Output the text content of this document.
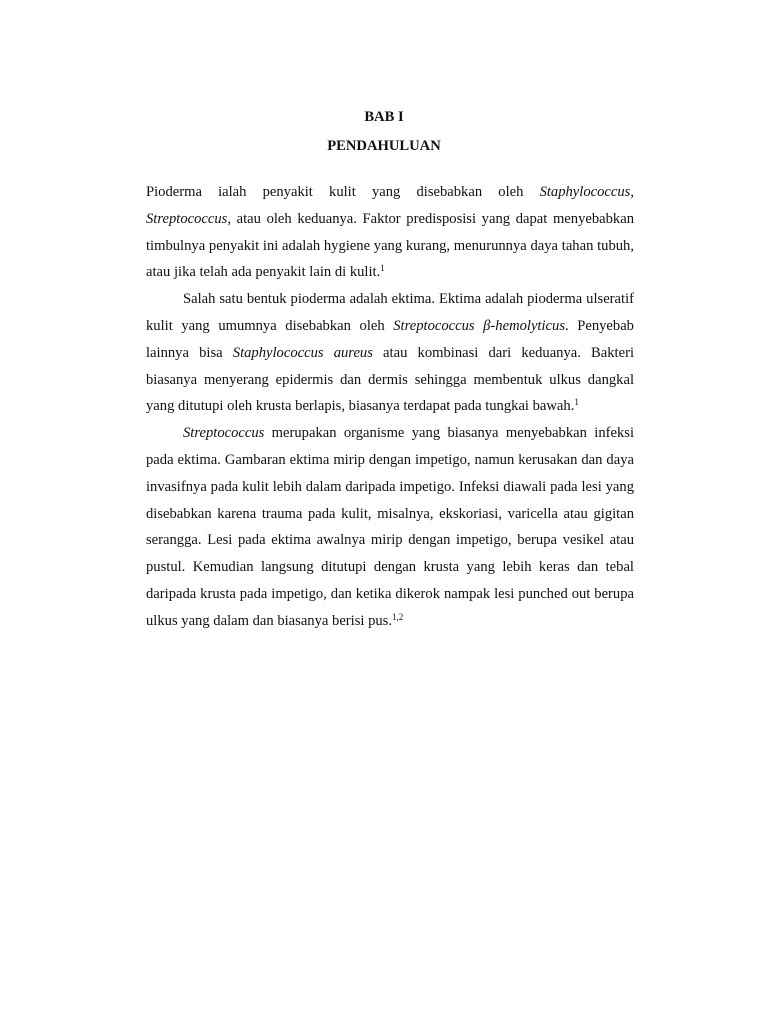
BAB I
PENDAHULUAN

Pioderma ialah penyakit kulit yang disebabkan oleh Staphylococcus, Streptococcus, atau oleh keduanya. Faktor predisposisi yang dapat menyebabkan timbulnya penyakit ini adalah hygiene yang kurang, menurunnya daya tahan tubuh, atau jika telah ada penyakit lain di kulit.$^1$

Salah satu bentuk pioderma adalah ektima. Ektima adalah pioderma ulseratif kulit yang umumnya disebabkan oleh Streptococcus β-hemolyticus. Penyebab lainnya bisa Staphylococcus aureus atau kombinasi dari keduanya. Bakteri biasanya menyerang epidermis dan dermis sehingga membentuk ulkus dangkal yang ditutupi oleh krusta berlapis, biasanya terdapat pada tungkai bawah.$^1$

Streptococcus merupakan organisme yang biasanya menyebabkan infeksi pada ektima. Gambaran ektima mirip dengan impetigo, namun kerusakan dan daya invasifnya pada kulit lebih dalam daripada impetigo. Infeksi diawali pada lesi yang disebabkan karena trauma pada kulit, misalnya, ekskoriasi, varicella atau gigitan serangga. Lesi pada ektima awalnya mirip dengan impetigo, berupa vesikel atau pustul. Kemudian langsung ditutupi dengan krusta yang lebih keras dan tebal daripada krusta pada impetigo, dan ketika dikerok nampak lesi punched out berupa ulkus yang dalam dan biasanya berisi pus.$^{1,2}$
